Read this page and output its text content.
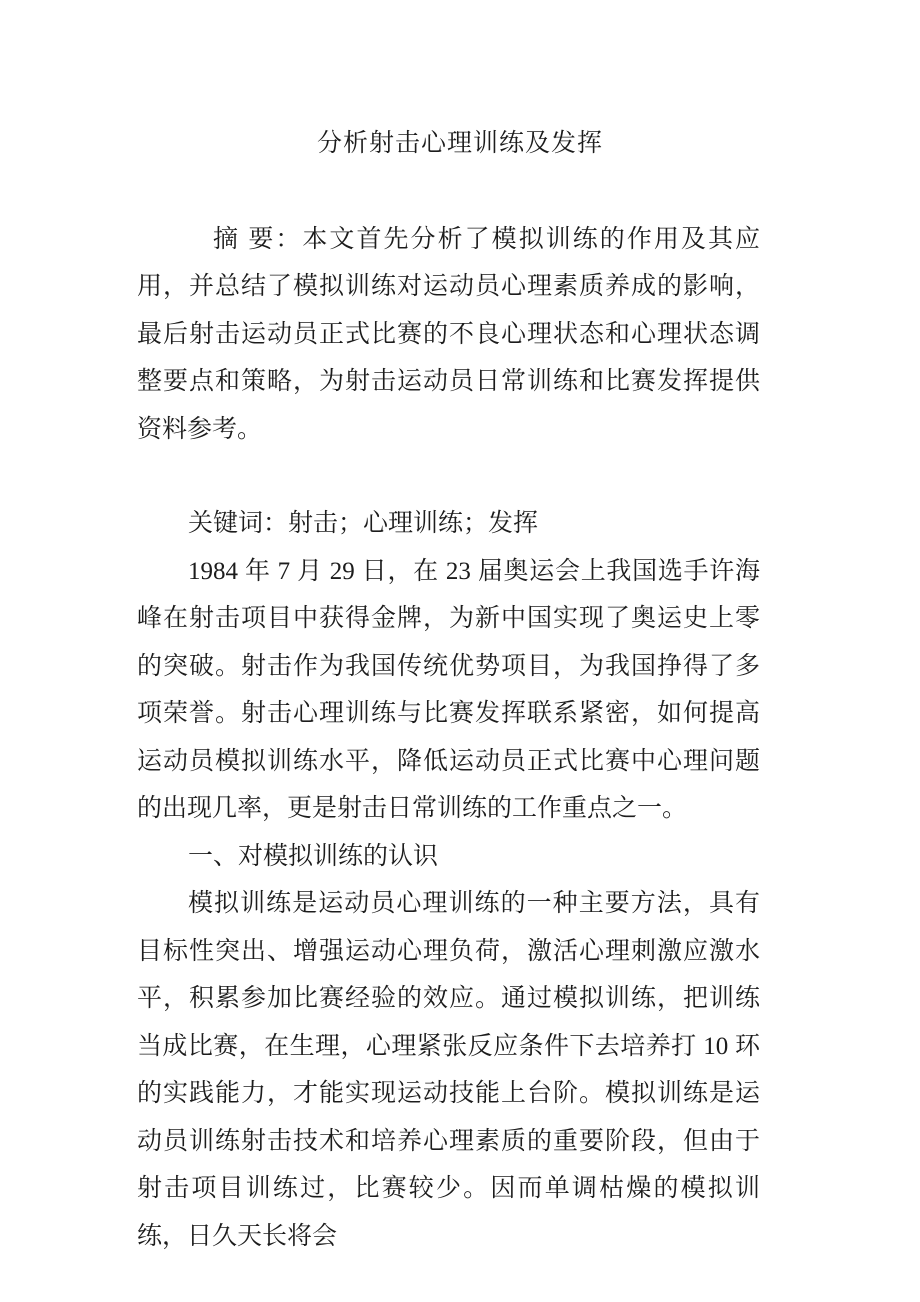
分析射击心理训练及发挥

摘 要：本文首先分析了模拟训练的作用及其应用，并总结了模拟训练对运动员心理素质养成的影响，最后射击运动员正式比赛的不良心理状态和心理状态调整要点和策略，为射击运动员日常训练和比赛发挥提供资料参考。

关键词：射击；心理训练；发挥

1984 年 7 月 29 日，在 23 届奥运会上我国选手许海峰在射击项目中获得金牌，为新中国实现了奥运史上零的突破。射击作为我国传统优势项目，为我国挣得了多项荣誉。射击心理训练与比赛发挥联系紧密，如何提高运动员模拟训练水平，降低运动员正式比赛中心理问题的出现几率，更是射击日常训练的工作重点之一。

一、对模拟训练的认识

模拟训练是运动员心理训练的一种主要方法，具有目标性突出、增强运动心理负荷，激活心理刺激应激水平，积累参加比赛经验的效应。通过模拟训练，把训练当成比赛，在生理，心理紧张反应条件下去培养打 10 环的实践能力，才能实现运动技能上台阶。模拟训练是运动员训练射击技术和培养心理素质的重要阶段，但由于射击项目训练过，比赛较少。因而单调枯燥的模拟训练，日久天长将会
